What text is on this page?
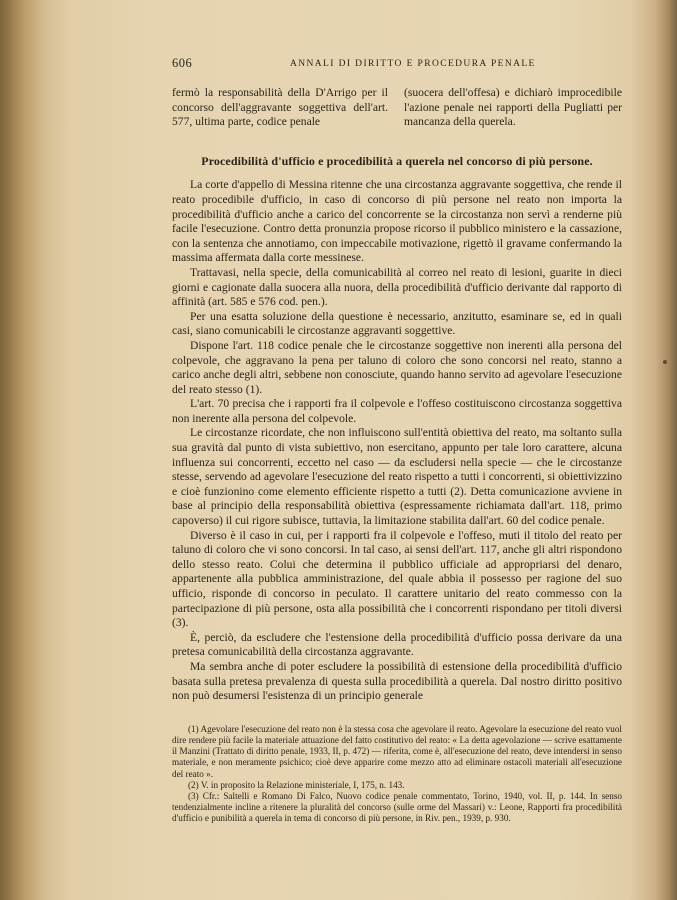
606	ANNALI DI DIRITTO E PROCEDURA PENALE
fermò la responsabilità della D'Arrigo per il concorso dell'aggravante soggettiva dell'art. 577, ultima parte, codice penale
(suocera dell'offesa) e dichiarò improcedibile l'azione penale nei rapporti della Pugliatti per mancanza della querela.
Procedibilità d'ufficio e procedibilità a querela nel concorso di più persone.

La corte d'appello di Messina ritenne che una circostanza aggravante soggettiva, che rende il reato procedibile d'ufficio, in caso di concorso di più persone nel reato non importa la procedibilità d'ufficio anche a carico del concorrente se la circostanza non servì a renderne più facile l'esecuzione. Contro detta pronunzia propose ricorso il pubblico ministero e la cassazione, con la sentenza che annotiamo, con impeccabile motivazione, rigettò il gravame confermando la massima affermata dalla corte messinese.

Trattavasi, nella specie, della comunicabilità al correo nel reato di lesioni, guarite in dieci giorni e cagionate dalla suocera alla nuora, della procedibilità d'ufficio derivante dal rapporto di affinità (art. 585 e 576 cod. pen.).

Per una esatta soluzione della questione è necessario, anzitutto, esaminare se, ed in quali casi, siano comunicabili le circostanze aggravanti soggettive.

Dispone l'art. 118 codice penale che le circostanze soggettive non inerenti alla persona del colpevole, che aggravano la pena per taluno di coloro che sono concorsi nel reato, stanno a carico anche degli altri, sebbene non conosciute, quando hanno servito ad agevolare l'esecuzione del reato stesso (1).

L'art. 70 precisa che i rapporti fra il colpevole e l'offeso costituiscono circostanza soggettiva non inerente alla persona del colpevole.

Le circostanze ricordate, che non influiscono sull'entità obiettiva del reato, ma soltanto sulla sua gravità dal punto di vista subiettivo, non esercitano, appunto per tale loro carattere, alcuna influenza sui concorrenti, eccetto nel caso — da escludersi nella specie — che le circostanze stesse, servendo ad agevolare l'esecuzione del reato rispetto a tutti i concorrenti, si obiettivizzino e cioè funzionino come elemento efficiente rispetto a tutti (2). Detta comunicazione avviene in base al principio della responsabilità obiettiva (espressamente richiamata dall'art. 118, primo capoverso) il cui rigore subisce, tuttavia, la limitazione stabilita dall'art. 60 del codice penale.

Diverso è il caso in cui, per i rapporti fra il colpevole e l'offeso, muti il titolo del reato per taluno di coloro che vi sono concorsi. In tal caso, ai sensi dell'art. 117, anche gli altri rispondono dello stesso reato. Colui che determina il pubblico ufficiale ad appropriarsi del denaro, appartenente alla pubblica amministrazione, del quale abbia il possesso per ragione del suo ufficio, risponde di concorso in peculato. Il carattere unitario del reato commesso con la partecipazione di più persone, osta alla possibilità che i concorrenti rispondano per titoli diversi (3).

È, perciò, da escludere che l'estensione della procedibilità d'ufficio possa derivare da una pretesa comunicabilità della circostanza aggravante.

Ma sembra anche di poter escludere la possibilità di estensione della procedibilità d'ufficio basata sulla pretesa prevalenza di questa sulla procedibilità a querela. Dal nostro diritto positivo non può desumersi l'esistenza di un principio generale

(1) Agevolare l'esecuzione del reato non è la stessa cosa che agevolare il reato. Agevolare la esecuzione del reato vuol dire rendere più facile la materiale attuazione del fatto costitutivo del reato: « La detta agevolazione — scrive esattamente il Manzini (Trattato di diritto penale, 1933, II, p. 472) — riferita, come è, all'esecuzione del reato, deve intendersi in senso materiale, e non meramente psichico; cioè deve apparire come mezzo atto ad eliminare ostacoli materiali all'esecuzione del reato ».

(2) V. in proposito la Relazione ministeriale, I, 175, n. 143.

(3) Cfr.: Saltelli e Romano Di Falco, Nuovo codice penale commentato, Torino, 1940, vol. II, p. 144. In senso tendenzialmente incline a ritenere la pluralità del concorso (sulle orme del Massari) v.: Leone, Rapporti fra procedibilità d'ufficio e punibilità a querela in tema di concorso di più persone, in Riv. pen., 1939, p. 930.
